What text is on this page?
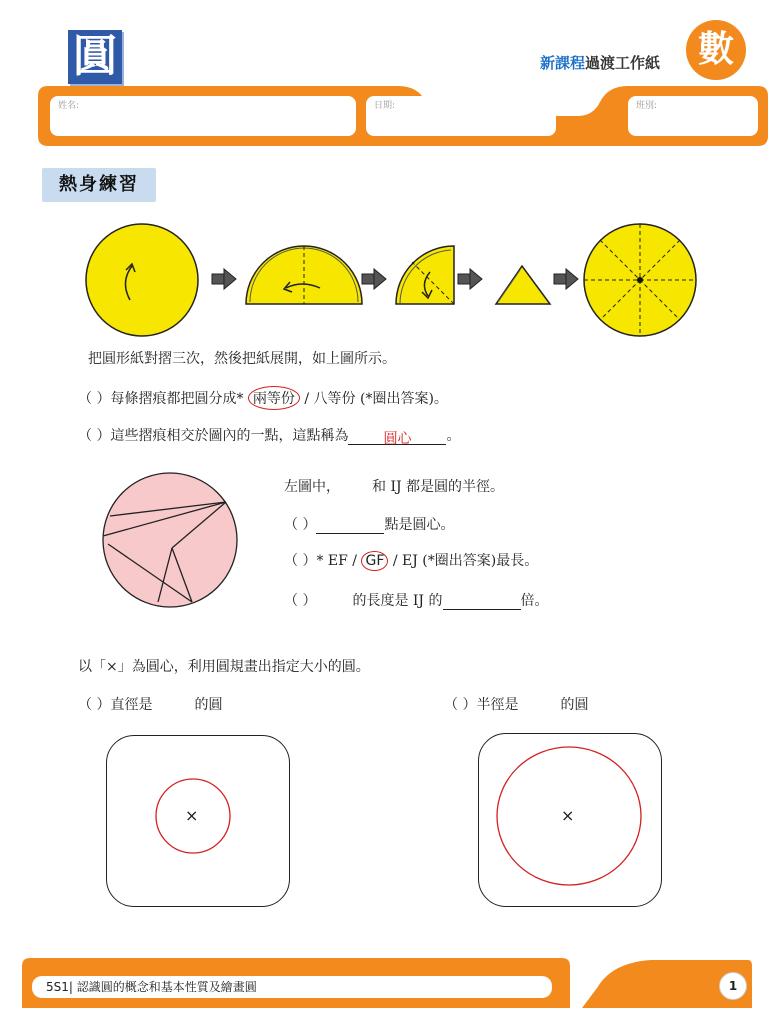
圓	新課程過渡工作紙	數
姓名:	日期:	班別:
熱身練習
把圓形紙對摺三次，然後把紙展開，如上圖所示。
（ ）每條摺痕都把圓分成* 兩等份 / 八等份 (*圈出答案)。
（ ）這些摺痕相交於圖內的一點，這點稱為	圓心	。
左圖中， 和 IJ 都是圓的半徑。
（ ）	點是圓心。
（ ）* EF / GF / EJ (*圈出答案)最長。
（ ）	的長度是 IJ 的	倍。
以「×」為圓心，利用圓規畫出指定大小的圓。
（ ）直徑是	的圓	（ ）半徑是	的圓
×	×
5S1| 認識圓的概念和基本性質及繪畫圓	1
